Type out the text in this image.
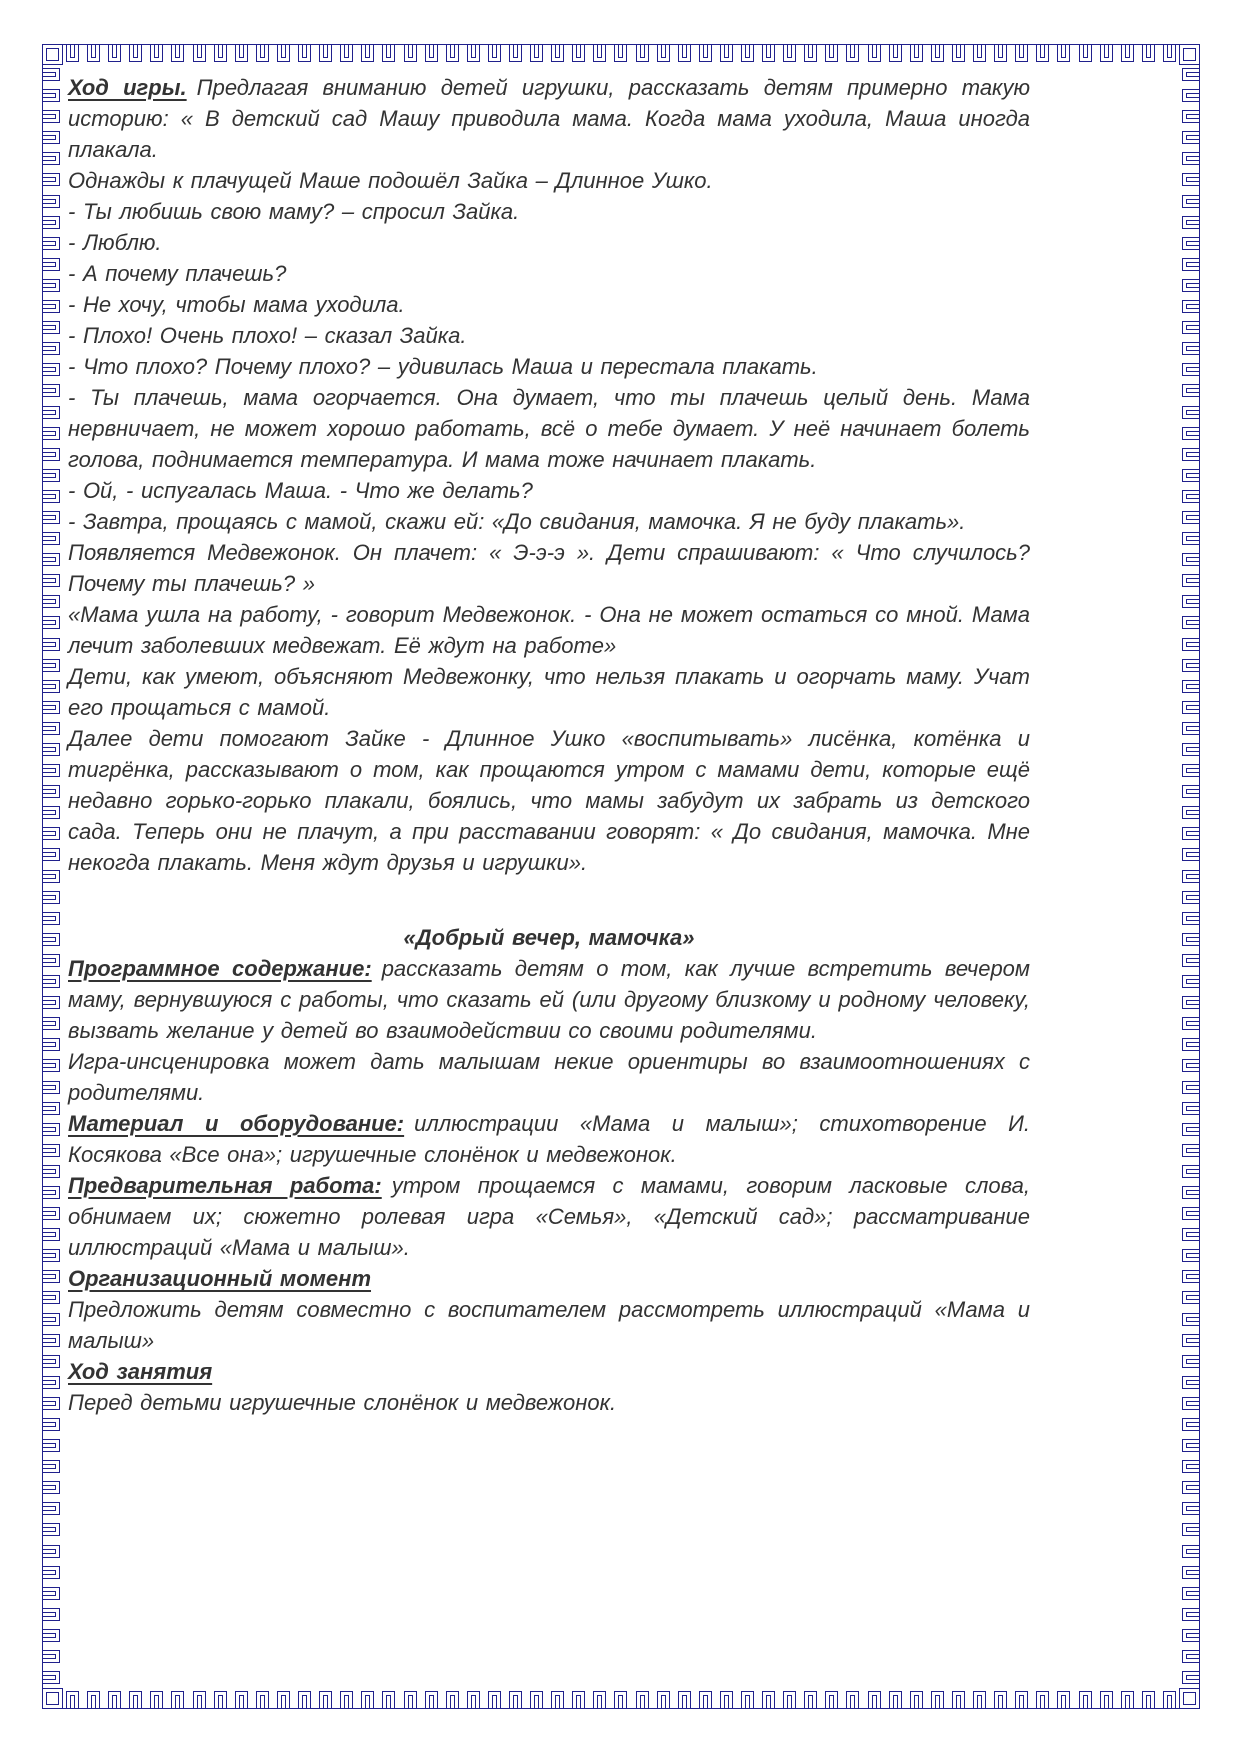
Ход игры. Предлагая вниманию детей игрушки, рассказать детям примерно такую историю: « В детский сад Машу приводила мама. Когда мама уходила, Маша иногда плакала.

Однажды к плачущей Маше подошёл Зайка – Длинное Ушко.

- Ты любишь свою маму? – спросил Зайка.

- Люблю.

- А почему плачешь?

- Не хочу, чтобы мама уходила.

- Плохо! Очень плохо! – сказал Зайка.

- Что плохо? Почему плохо? – удивилась Маша и перестала плакать.

- Ты плачешь, мама огорчается. Она думает, что ты плачешь целый день. Мама нервничает, не может хорошо работать, всё о тебе думает. У неё начинает болеть голова, поднимается температура. И мама тоже начинает плакать.

- Ой, - испугалась Маша. - Что же делать?

- Завтра, прощаясь с мамой, скажи ей: «До свидания, мамочка. Я не буду плакать».

Появляется Медвежонок. Он плачет: « Э-э-э ». Дети спрашивают: « Что случилось? Почему ты плачешь? »

«Мама ушла на работу, - говорит Медвежонок. - Она не может остаться со мной. Мама лечит заболевших медвежат. Её ждут на работе»

Дети, как умеют, объясняют Медвежонку, что нельзя плакать и огорчать маму. Учат его прощаться с мамой.

Далее дети помогают Зайке - Длинное Ушко «воспитывать» лисёнка, котёнка и тигрёнка, рассказывают о том, как прощаются утром с мамами дети, которые ещё недавно горько-горько плакали, боялись, что мамы забудут их забрать из детского сада. Теперь они не плачут, а при расставании говорят: « До свидания, мамочка. Мне некогда плакать. Меня ждут друзья и игрушки».

«Добрый вечер, мамочка»

Программное содержание: рассказать детям о том, как лучше встретить вечером маму, вернувшуюся с работы, что сказать ей (или другому близкому и родному человеку, вызвать желание у детей во взаимодействии со своими родителями.

Игра-инсценировка может дать малышам некие ориентиры во взаимоотношениях с родителями.

Материал и оборудование: иллюстрации «Мама и малыш»; стихотворение И. Косякова «Все она»; игрушечные слонёнок и медвежонок.

Предварительная работа: утром прощаемся с мамами, говорим ласковые слова, обнимаем их; сюжетно ролевая игра «Семья», «Детский сад»; рассматривание иллюстраций «Мама и малыш».

Организационный момент

Предложить детям совместно с воспитателем рассмотреть иллюстраций «Мама и малыш»

Ход занятия

Перед детьми игрушечные слонёнок и медвежонок.
